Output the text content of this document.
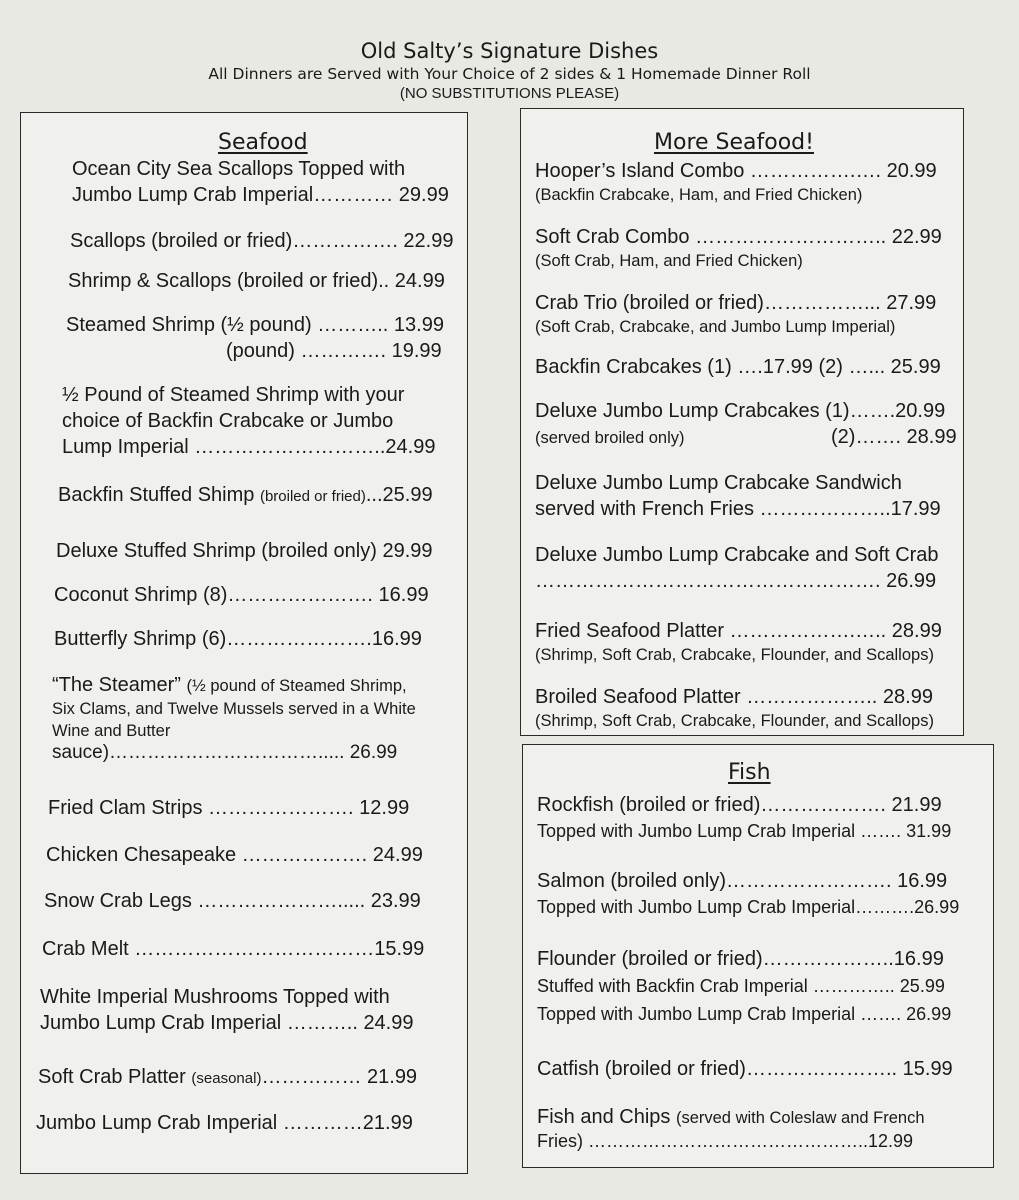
Old Salty’s Signature Dishes
All Dinners are Served with Your Choice of 2 sides & 1 Homemade Dinner Roll
(NO SUBSTITUTIONS PLEASE)
Seafood
Ocean City Sea Scallops Topped with
Jumbo Lump Crab Imperial………… 29.99
Scallops (broiled or fried)……………. 22.99
Shrimp & Scallops (broiled or fried).. 24.99
Steamed Shrimp (½ pound) ……….. 13.99
(pound) …………. 19.99
½ Pound of Steamed Shrimp with your
choice of Backfin Crabcake or Jumbo
Lump Imperial ………………………..24.99
Backfin Stuffed Shimp (broiled or fried)...25.99
Deluxe Stuffed Shrimp (broiled only) 29.99
Coconut Shrimp (8)…………………. 16.99
Butterfly Shrimp (6)………………….16.99
“The Steamer” (½ pound of Steamed Shrimp,
Six Clams, and Twelve Mussels served in a White
Wine and Butter
sauce)……………………………..... 26.99
Fried Clam Strips …………………. 12.99
Chicken Chesapeake ………………. 24.99
Snow Crab Legs …………………..... 23.99
Crab Melt ………………………………15.99
White Imperial Mushrooms Topped with
Jumbo Lump Crab Imperial ……….. 24.99
Soft Crab Platter (seasonal)…………… 21.99
Jumbo Lump Crab Imperial …………21.99
More Seafood!
Hooper’s Island Combo …………….…. 20.99
(Backfin Crabcake, Ham, and Fried Chicken)
Soft Crab Combo ……………………….. 22.99
(Soft Crab, Ham, and Fried Chicken)
Crab Trio (broiled or fried)……………... 27.99
(Soft Crab, Crabcake, and Jumbo Lump Imperial)
Backfin Crabcakes (1) ….17.99 (2) …... 25.99
Deluxe Jumbo Lump Crabcakes (1)…….20.99
(served broiled only)	(2)……. 28.99
Deluxe Jumbo Lump Crabcake Sandwich
served with French Fries ………………..17.99
Deluxe Jumbo Lump Crabcake and Soft Crab
……………………………………………. 26.99
Fried Seafood Platter ……………….….. 28.99
(Shrimp, Soft Crab, Crabcake, Flounder, and Scallops)
Broiled Seafood Platter ……………….. 28.99
(Shrimp, Soft Crab, Crabcake, Flounder, and Scallops)
Fish
Rockfish (broiled or fried)………………. 21.99
Topped with Jumbo Lump Crab Imperial ……. 31.99
Salmon (broiled only)……………………. 16.99
Topped with Jumbo Lump Crab Imperial……….26.99
Flounder (broiled or fried)………………..16.99
Stuffed with Backfin Crab Imperial ………….. 25.99
Topped with Jumbo Lump Crab Imperial ……. 26.99
Catfish (broiled or fried)………………….. 15.99
Fish and Chips (served with Coleslaw and French
Fries) ………………………………………..12.99
